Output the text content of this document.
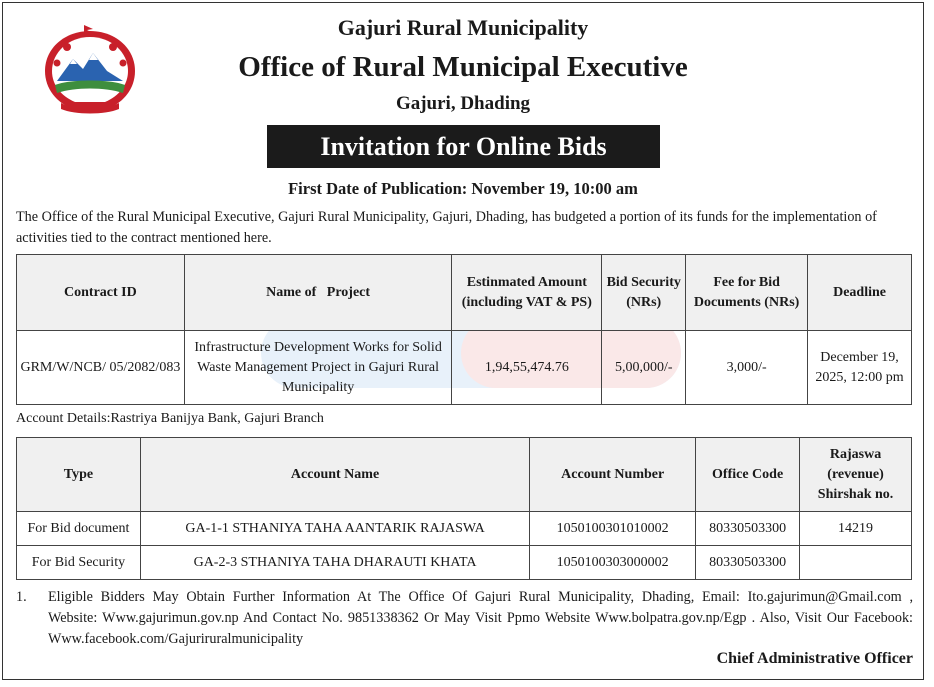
Gajuri Rural Municipality
Office of Rural Municipal Executive
Gajuri, Dhading
Invitation for Online Bids
First Date of Publication: November 19, 10:00 am
The Office of the Rural Municipal Executive, Gajuri Rural Municipality, Gajuri, Dhading, has budgeted a portion of its funds for the implementation of activities tied to the contract mentioned here.
Contract ID	Name of   Project	Estinmated Amount (including VAT & PS)	Bid Security (NRs)	Fee for Bid Documents (NRs)	Deadline
GRM/W/NCB/ 05/2082/083	Infrastructure Development Works for Solid Waste Management Project in Gajuri Rural Municipality	1,94,55,474.76	5,00,000/-	3,000/-	December 19, 2025, 12:00 pm
Account Details:Rastriya Banijya Bank, Gajuri Branch
Type	Account Name	Account Number	Office Code	Rajaswa (revenue) Shirshak no.
For Bid document	GA-1-1 STHANIYA TAHA AANTARIK RAJASWA	1050100301010002	80330503300	14219
For Bid Security	GA-2-3 STHANIYA TAHA DHARAUTI KHATA	1050100303000002	80330503300	
1.	Eligible Bidders May Obtain Further Information At The Office Of Gajuri Rural Municipality, Dhading, Email: Ito.gajurimun@Gmail.com , Website: Www.gajurimun.gov.np And Contact No. 9851338362 Or May Visit Ppmo Website Www.bolpatra.gov.np/Egp . Also, Visit Our Facebook: Www.facebook.com/Gajuriruralmunicipality
Chief Administrative Officer
